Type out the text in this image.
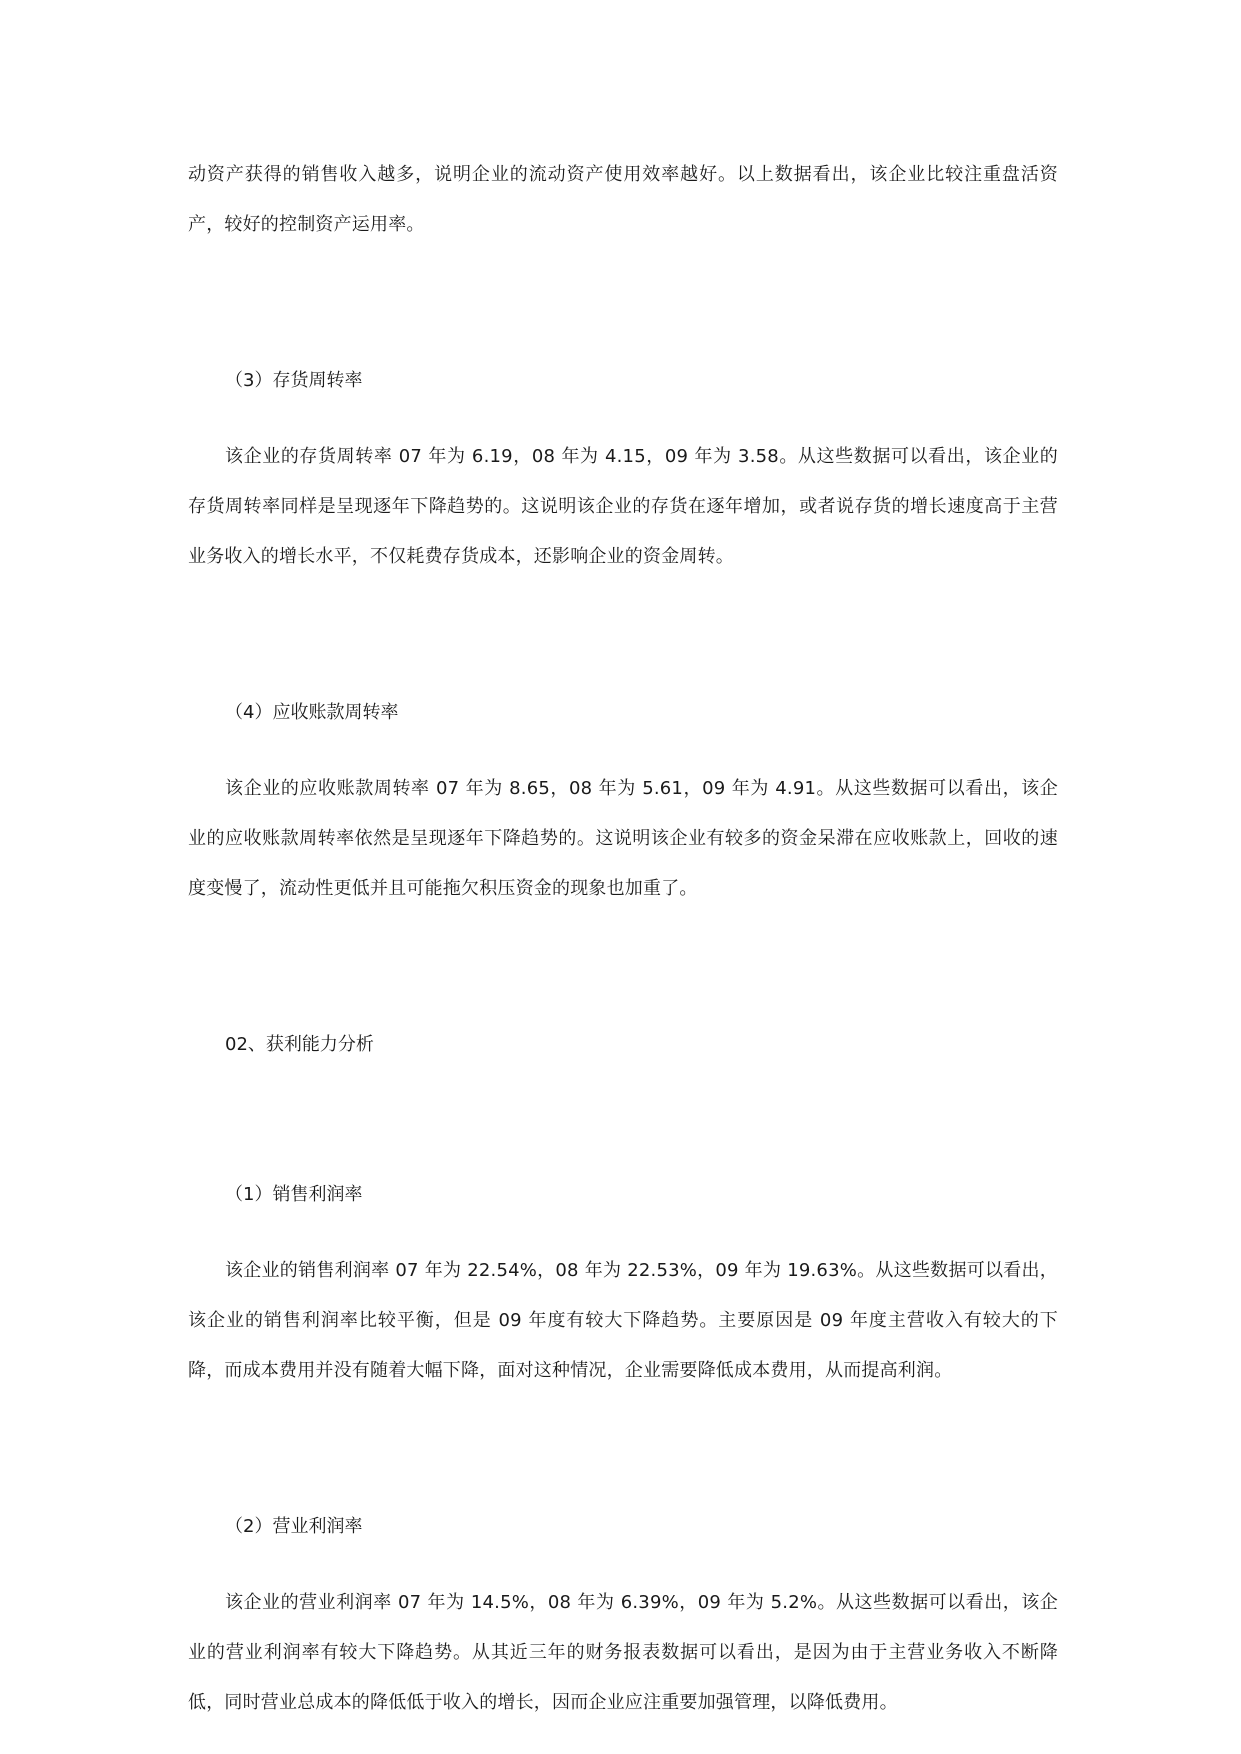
动资产获得的销售收入越多，说明企业的流动资产使用效率越好。以上数据看出，该企业比较注重盘活资产，较好的控制资产运用率。

（3）存货周转率

该企业的存货周转率 07 年为 6.19，08 年为 4.15，09 年为 3.58。从这些数据可以看出，该企业的存货周转率同样是呈现逐年下降趋势的。这说明该企业的存货在逐年增加，或者说存货的增长速度高于主营业务收入的增长水平，不仅耗费存货成本，还影响企业的资金周转。

（4）应收账款周转率

该企业的应收账款周转率 07 年为 8.65，08 年为 5.61，09 年为 4.91。从这些数据可以看出，该企业的应收账款周转率依然是呈现逐年下降趋势的。这说明该企业有较多的资金呆滞在应收账款上，回收的速度变慢了，流动性更低并且可能拖欠积压资金的现象也加重了。

02、获利能力分析

（1）销售利润率

该企业的销售利润率 07 年为 22.54%，08 年为 22.53%，09 年为 19.63%。从这些数据可以看出，该企业的销售利润率比较平衡，但是 09 年度有较大下降趋势。主要原因是 09 年度主营收入有较大的下降，而成本费用并没有随着大幅下降，面对这种情况，企业需要降低成本费用，从而提高利润。

（2）营业利润率

该企业的营业利润率 07 年为 14.5%，08 年为 6.39%，09 年为 5.2%。从这些数据可以看出，该企业的营业利润率有较大下降趋势。从其近三年的财务报表数据可以看出，是因为由于主营业务收入不断降低，同时营业总成本的降低低于收入的增长，因而企业应注重要加强管理，以降低费用。
